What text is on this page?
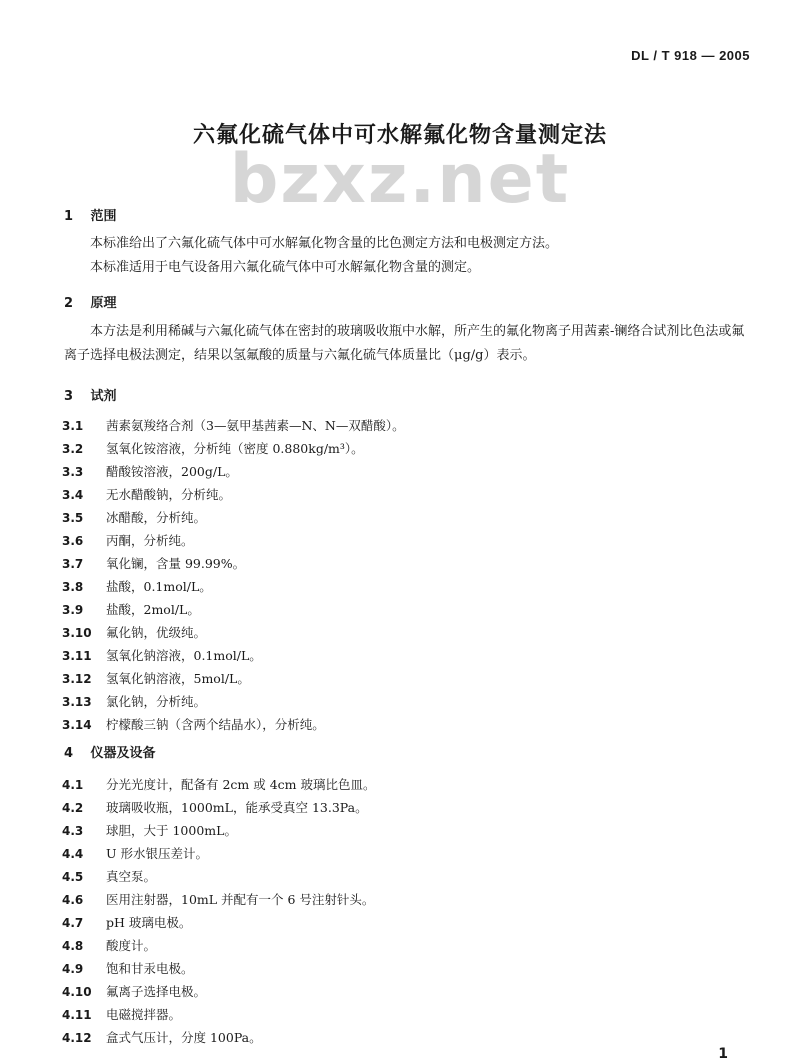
DL / T 918 — 2005
六氟化硫气体中可水解氟化物含量测定法
bzxz.net
1 范围
本标准给出了六氟化硫气体中可水解氟化物含量的比色测定方法和电极测定方法。
本标准适用于电气设备用六氟化硫气体中可水解氟化物含量的测定。
2 原理
本方法是利用稀碱与六氟化硫气体在密封的玻璃吸收瓶中水解，所产生的氟化物离子用茜素-镧络合试剂比色法或氟离子选择电极法测定，结果以氢氟酸的质量与六氟化硫气体质量比（μg/g）表示。
3 试剂
3.1 茜素氨羧络合剂（3—氨甲基茜素—N、N—双醋酸）。
3.2 氢氧化铵溶液，分析纯（密度 0.880kg/m³）。
3.3 醋酸铵溶液，200g/L。
3.4 无水醋酸钠，分析纯。
3.5 冰醋酸，分析纯。
3.6 丙酮，分析纯。
3.7 氧化镧，含量 99.99%。
3.8 盐酸，0.1mol/L。
3.9 盐酸，2mol/L。
3.10 氟化钠，优级纯。
3.11 氢氧化钠溶液，0.1mol/L。
3.12 氢氧化钠溶液，5mol/L。
3.13 氯化钠，分析纯。
3.14 柠檬酸三钠（含两个结晶水），分析纯。
4 仪器及设备
4.1 分光光度计，配备有 2cm 或 4cm 玻璃比色皿。
4.2 玻璃吸收瓶，1000mL，能承受真空 13.3Pa。
4.3 球胆，大于 1000mL。
4.4 U 形水银压差计。
4.5 真空泵。
4.6 医用注射器，10mL 并配有一个 6 号注射针头。
4.7 pH 玻璃电极。
4.8 酸度计。
4.9 饱和甘汞电极。
4.10 氟离子选择电极。
4.11 电磁搅拌器。
4.12 盒式气压计，分度 100Pa。
1
